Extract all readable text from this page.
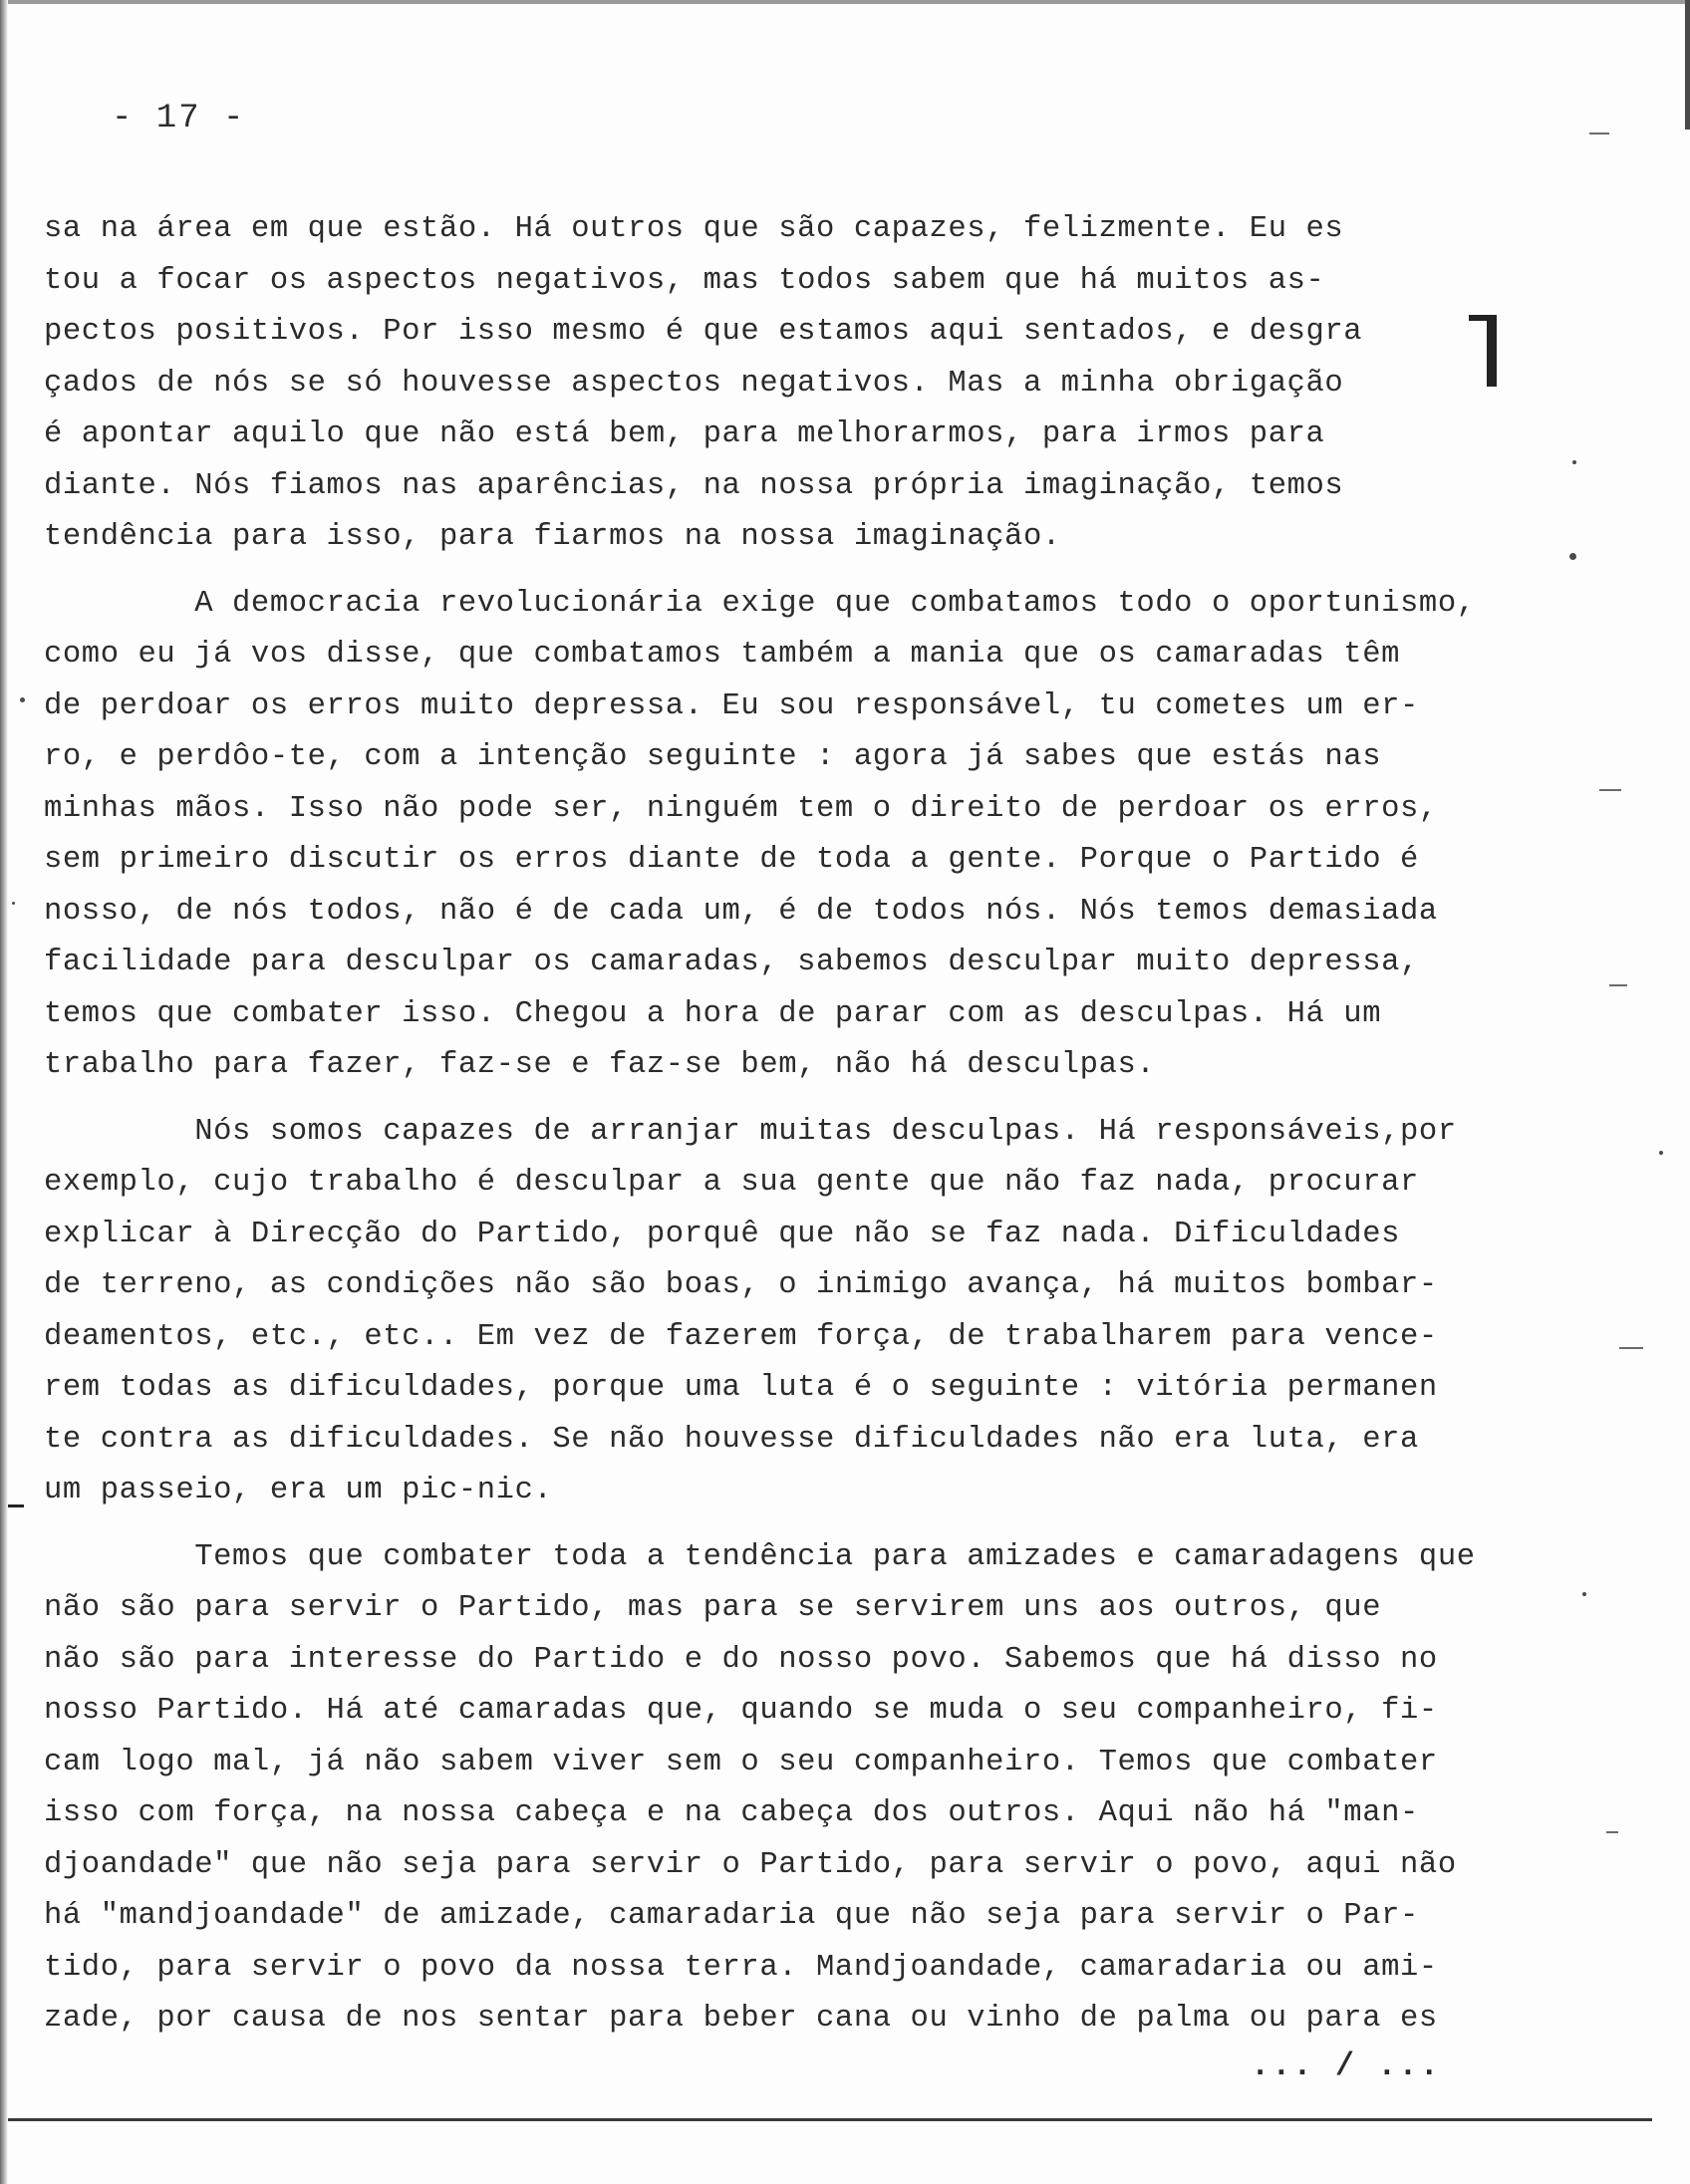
- 17 -
sa na área em que estão. Há outros que são capazes, felizmente. Eu es
tou a focar os aspectos negativos, mas todos sabem que há muitos as-
pectos positivos. Por isso mesmo é que estamos aqui sentados, e desgra
çados de nós se só houvesse aspectos negativos. Mas a minha obrigação
é apontar aquilo que não está bem, para melhorarmos, para irmos para
diante. Nós fiamos nas aparências, na nossa própria imaginação, temos
tendência para isso, para fiarmos na nossa imaginação.
A democracia revolucionária exige que combatamos todo o oportunismo,
como eu já vos disse, que combatamos também a mania que os camaradas têm
de perdoar os erros muito depressa. Eu sou responsável, tu cometes um er-
ro, e perdôo-te, com a intenção seguinte : agora já sabes que estás nas
minhas mãos. Isso não pode ser, ninguém tem o direito de perdoar os erros,
sem primeiro discutir os erros diante de toda a gente. Porque o Partido é
nosso, de nós todos, não é de cada um, é de todos nós. Nós temos demasiada
facilidade para desculpar os camaradas, sabemos desculpar muito depressa,
temos que combater isso. Chegou a hora de parar com as desculpas. Há um
trabalho para fazer, faz-se e faz-se bem, não há desculpas.
Nós somos capazes de arranjar muitas desculpas. Há responsáveis,por
exemplo, cujo trabalho é desculpar a sua gente que não faz nada, procurar
explicar à Direcção do Partido, porquê que não se faz nada. Dificuldades
de terreno, as condições não são boas, o inimigo avança, há muitos bombar-
deamentos, etc., etc.. Em vez de fazerem força, de trabalharem para vence-
rem todas as dificuldades, porque uma luta é o seguinte : vitória permanen
te contra as dificuldades. Se não houvesse dificuldades não era luta, era
um passeio, era um pic-nic.
Temos que combater toda a tendência para amizades e camaradagens que
não são para servir o Partido, mas para se servirem uns aos outros, que
não são para interesse do Partido e do nosso povo. Sabemos que há disso no
nosso Partido. Há até camaradas que, quando se muda o seu companheiro, fi-
cam logo mal, já não sabem viver sem o seu companheiro. Temos que combater
isso com força, na nossa cabeça e na cabeça dos outros. Aqui não há "man-
djoandade" que não seja para servir o Partido, para servir o povo, aqui não
há "mandjoandade" de amizade, camaradaria que não seja para servir o Par-
tido, para servir o povo da nossa terra. Mandjoandade, camaradaria ou ami-
zade, por causa de nos sentar para beber cana ou vinho de palma ou para es
... / ...
